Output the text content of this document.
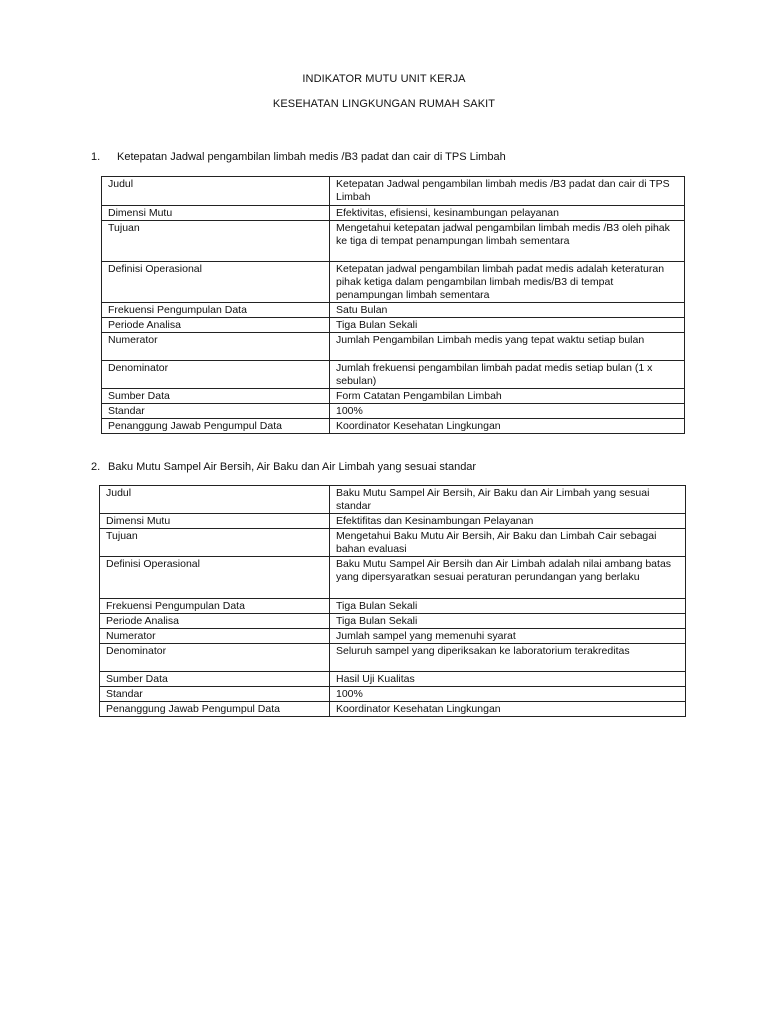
INDIKATOR MUTU UNIT KERJA
KESEHATAN LINGKUNGAN RUMAH SAKIT
1. Ketepatan Jadwal pengambilan limbah medis /B3 padat dan cair di TPS Limbah
Judul	Ketepatan Jadwal pengambilan limbah medis /B3 padat dan cair di TPS Limbah
Dimensi Mutu	Efektivitas, efisiensi, kesinambungan pelayanan
Tujuan	Mengetahui ketepatan jadwal pengambilan limbah medis /B3 oleh pihak ke tiga di tempat penampungan limbah sementara
Definisi Operasional	Ketepatan jadwal pengambilan limbah padat medis adalah keteraturan pihak ketiga dalam pengambilan limbah medis/B3 di tempat penampungan limbah sementara
Frekuensi Pengumpulan Data	Satu Bulan
Periode Analisa	Tiga Bulan Sekali
Numerator	Jumlah Pengambilan Limbah medis yang tepat waktu setiap bulan
Denominator	Jumlah frekuensi pengambilan limbah padat medis setiap bulan (1 x sebulan)
Sumber Data	Form Catatan Pengambilan Limbah
Standar	100%
Penanggung Jawab Pengumpul Data	Koordinator Kesehatan Lingkungan
2. Baku Mutu Sampel Air Bersih, Air Baku dan Air Limbah yang sesuai standar
Judul	Baku Mutu Sampel Air Bersih, Air Baku dan Air Limbah yang sesuai standar
Dimensi Mutu	Efektifitas dan Kesinambungan Pelayanan
Tujuan	Mengetahui Baku Mutu Air Bersih, Air Baku dan Limbah Cair sebagai bahan evaluasi
Definisi Operasional	Baku Mutu Sampel Air Bersih dan Air Limbah adalah nilai ambang batas yang dipersyaratkan sesuai peraturan perundangan yang berlaku
Frekuensi Pengumpulan Data	Tiga Bulan Sekali
Periode Analisa	Tiga Bulan Sekali
Numerator	Jumlah sampel yang memenuhi syarat
Denominator	Seluruh sampel yang diperiksakan ke laboratorium terakreditas
Sumber Data	Hasil Uji Kualitas
Standar	100%
Penanggung Jawab Pengumpul Data	Koordinator Kesehatan Lingkungan
